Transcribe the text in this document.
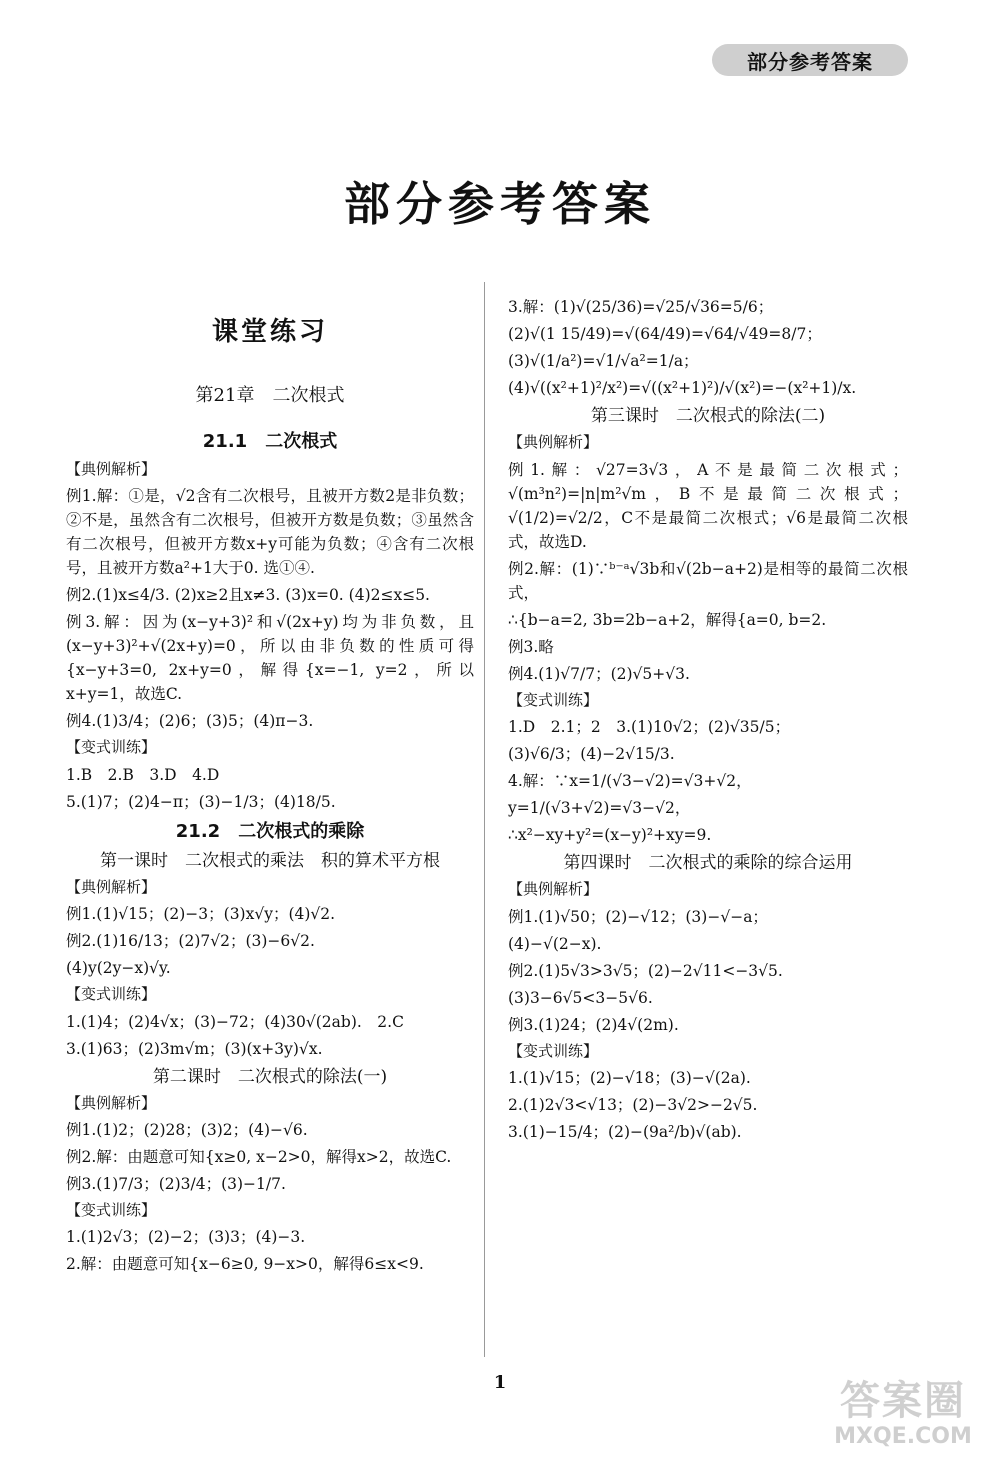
部分参考答案
部分参考答案
课堂练习
第21章　二次根式
21.1　二次根式
【典例解析】
例1.解：①是，√2含有二次根号，且被开方数2是非负数；②不是，虽然含有二次根号，但被开方数是负数；③虽然含有二次根号，但被开方数x+y可能为负数；④含有二次根号，且被开方数a²+1大于0. 选①④.
例2.(1)x≤4/3. (2)x≥2且x≠3. (3)x=0. (4)2≤x≤5.
例3.解：因为(x−y+3)²和√(2x+y)均为非负数，且(x−y+3)²+√(2x+y)=0，所以由非负数的性质可得{x−y+3=0, 2x+y=0，解得{x=−1, y=2，所以x+y=1，故选C.
例4.(1)3/4；(2)6；(3)5；(4)π−3.
【变式训练】
1.B　2.B　3.D　4.D
5.(1)7；(2)4−π；(3)−1/3；(4)18/5.
21.2　二次根式的乘除
第一课时　二次根式的乘法　积的算术平方根
【典例解析】
例1.(1)√15；(2)−3；(3)x√y；(4)√2.
例2.(1)16/13；(2)7√2；(3)−6√2.
(4)y(2y−x)√y.
【变式训练】
1.(1)4；(2)4√x；(3)−72；(4)30√(2ab).　2.C
3.(1)63；(2)3m√m；(3)(x+3y)√x.
第二课时　二次根式的除法(一)
【典例解析】
例1.(1)2；(2)28；(3)2；(4)−√6.
例2.解：由题意可知{x≥0, x−2>0，解得x>2，故选C.
例3.(1)7/3；(2)3/4；(3)−1/7.
【变式训练】
1.(1)2√3；(2)−2；(3)3；(4)−3.
2.解：由题意可知{x−6≥0, 9−x>0，解得6≤x<9.
3.解：(1)√(25/36)=√25/√36=5/6；
(2)√(1 15/49)=√(64/49)=√64/√49=8/7；
(3)√(1/a²)=√1/√a²=1/a；
(4)√((x²+1)²/x²)=√((x²+1)²)/√(x²)=−(x²+1)/x.
第三课时　二次根式的除法(二)
【典例解析】
例1.解：√27=3√3，A不是最简二次根式；√(m³n²)=|n|m²√m，B不是最简二次根式；√(1/2)=√2/2，C不是最简二次根式；√6是最简二次根式，故选D.
例2.解：(1)∵ᵇ⁻ᵃ√3b和√(2b−a+2)是相等的最简二次根式，
∴{b−a=2, 3b=2b−a+2，解得{a=0, b=2.
例3.略
例4.(1)√7/7；(2)√5+√3.
【变式训练】
1.D　2.1；2　3.(1)10√2；(2)√35/5；
(3)√6/3；(4)−2√15/3.
4.解：∵x=1/(√3−√2)=√3+√2，
y=1/(√3+√2)=√3−√2，
∴x²−xy+y²=(x−y)²+xy=9.
第四课时　二次根式的乘除的综合运用
【典例解析】
例1.(1)√50；(2)−√12；(3)−√−a；
(4)−√(2−x).
例2.(1)5√3>3√5；(2)−2√11<−3√5.
(3)3−6√5<3−5√6.
例3.(1)24；(2)4√(2m).
【变式训练】
1.(1)√15；(2)−√18；(3)−√(2a).
2.(1)2√3<√13；(2)−3√2>−2√5.
3.(1)−15/4；(2)−(9a²/b)√(ab).
1	答案圈
MXQE.COM
